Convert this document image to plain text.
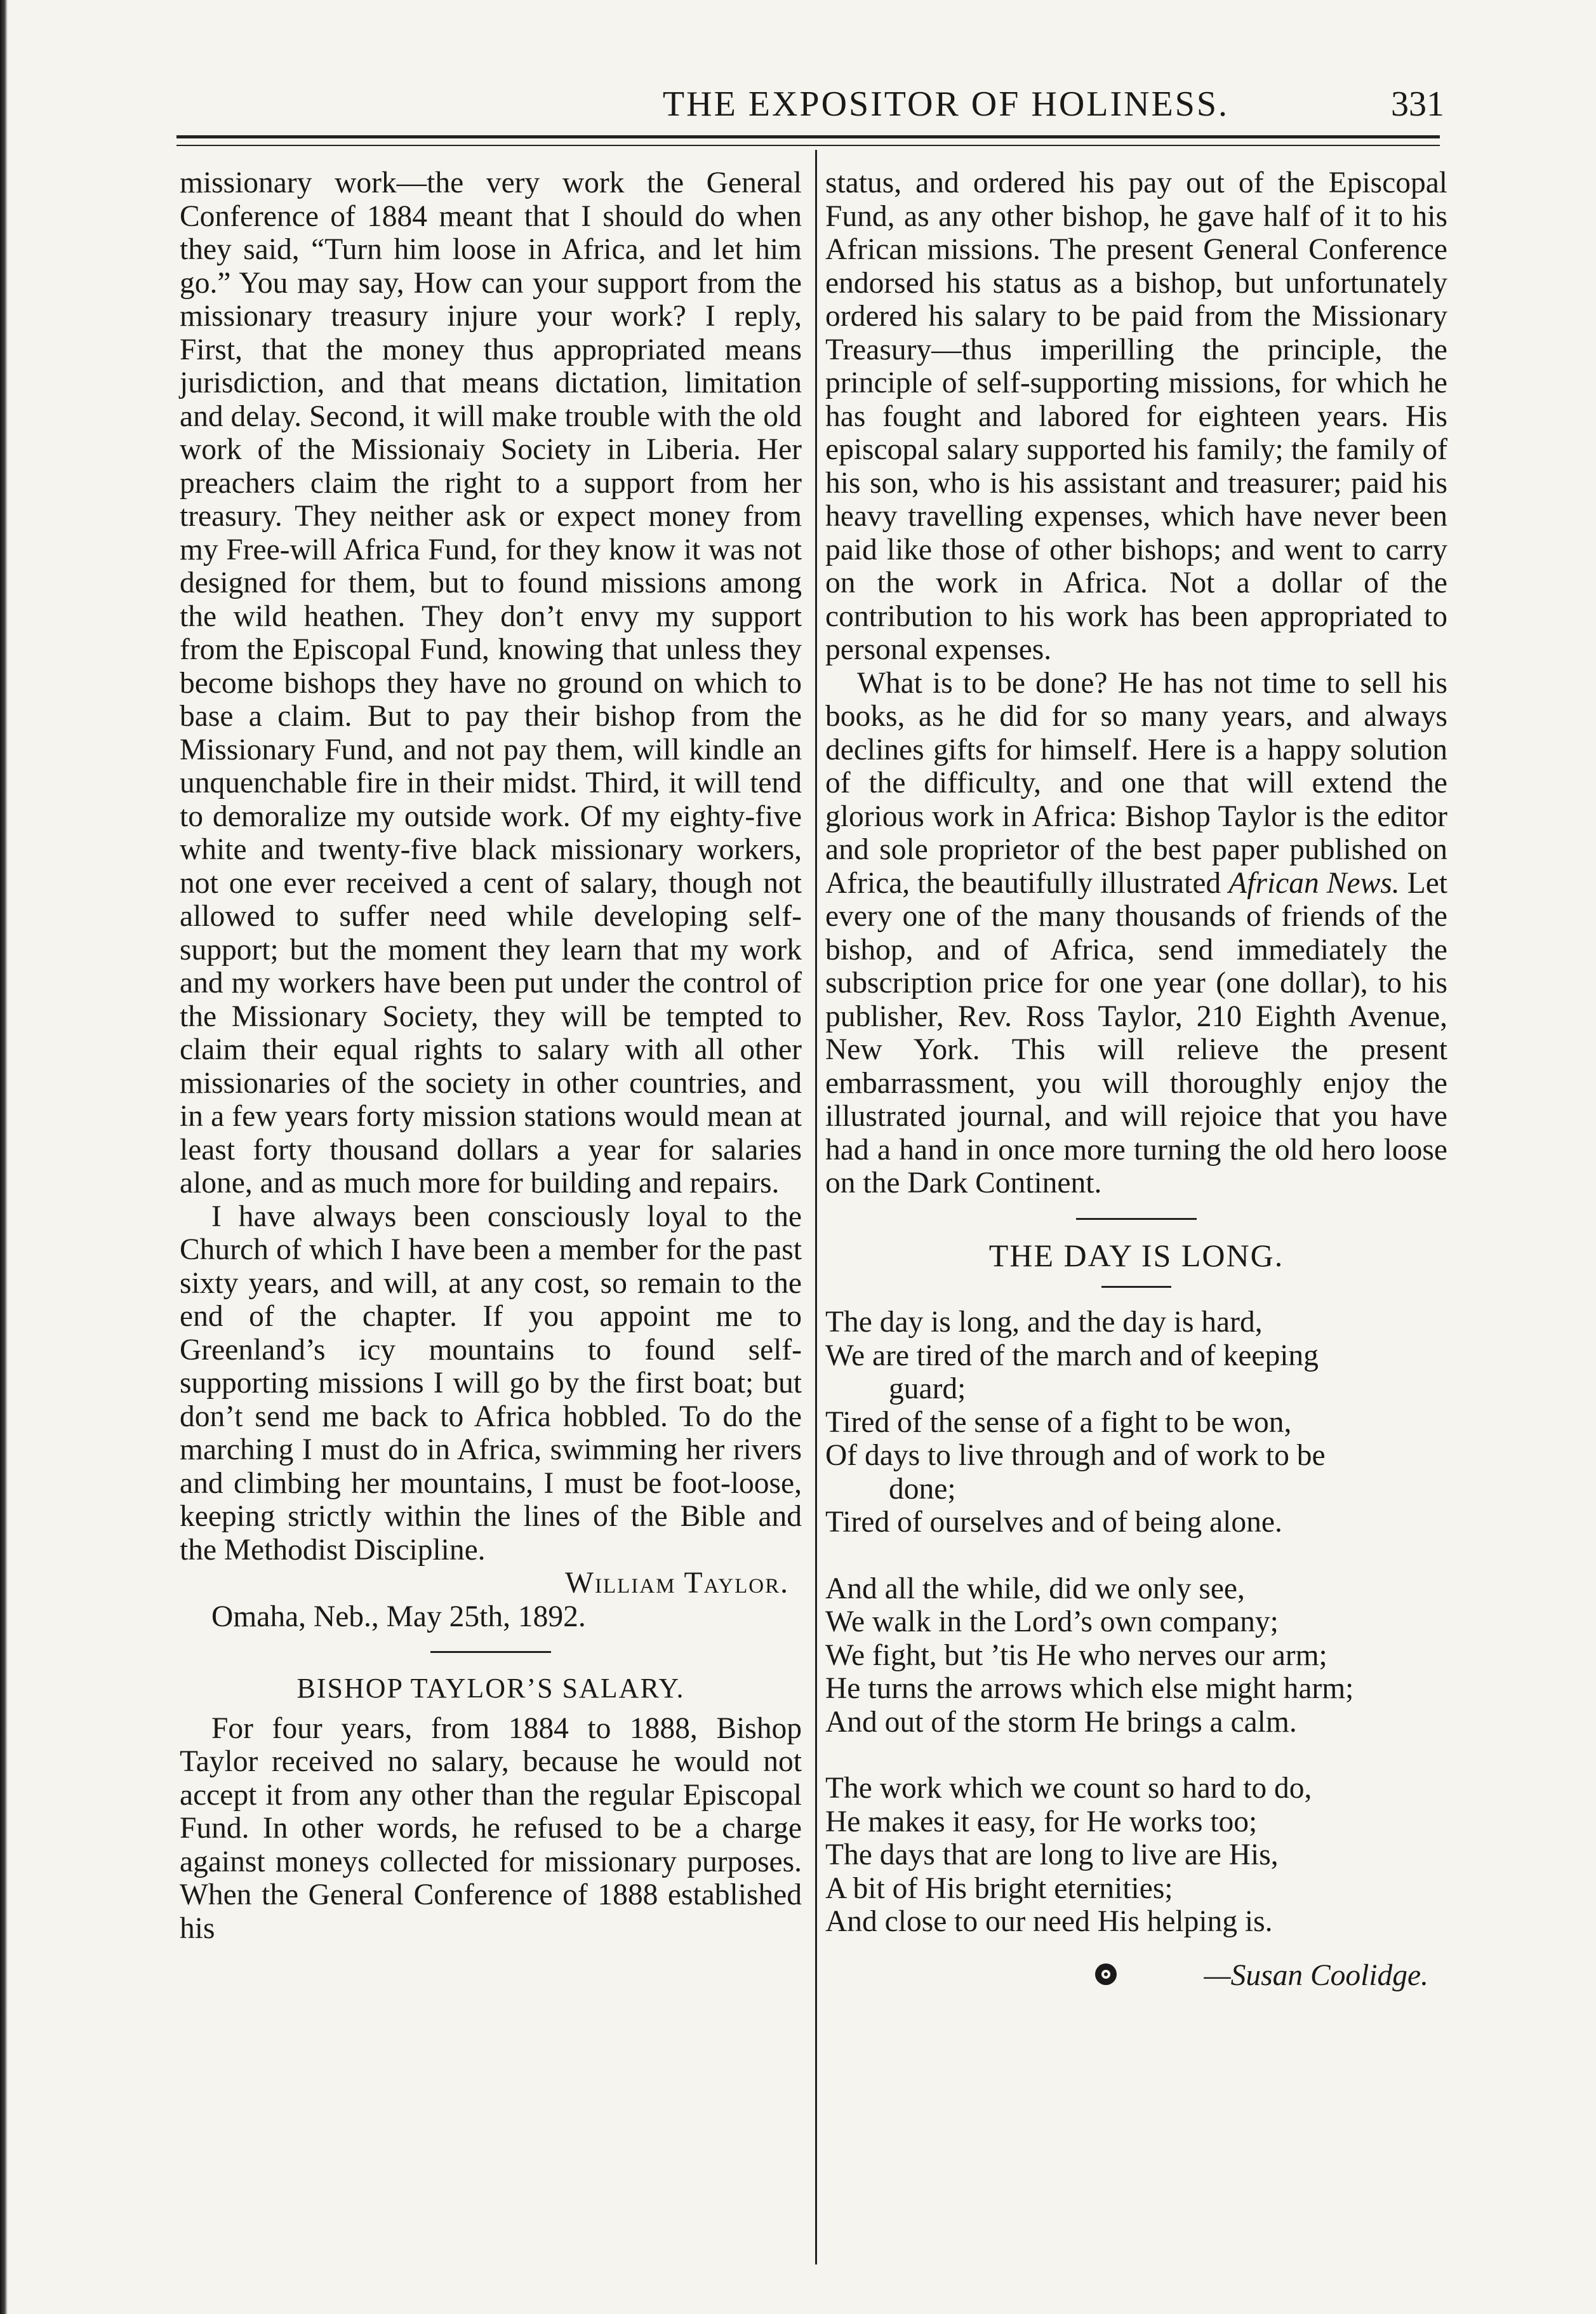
THE EXPOSITOR OF HOLINESS.	331

missionary work—the very work the General Conference of 1884 meant that I should do when they said, “Turn him loose in Africa, and let him go.” You may say, How can your support from the missionary treasury injure your work? I reply, First, that the money thus appropriated means jurisdiction, and that means dictation, limitation and delay. Second, it will make trouble with the old work of the Missionaiy Society in Liberia. Her preachers claim the right to a support from her treasury. They neither ask or expect money from my Free-will Africa Fund, for they know it was not designed for them, but to found missions among the wild heathen. They don’t envy my support from the Episcopal Fund, knowing that unless they become bishops they have no ground on which to base a claim. But to pay their bishop from the Missionary Fund, and not pay them, will kindle an unquenchable fire in their midst. Third, it will tend to demoralize my outside work. Of my eighty-five white and twenty-five black missionary workers, not one ever received a cent of salary, though not allowed to suffer need while developing self-support; but the moment they learn that my work and my workers have been put under the control of the Missionary Society, they will be tempted to claim their equal rights to salary with all other missionaries of the society in other countries, and in a few years forty mission stations would mean at least forty thousand dollars a year for salaries alone, and as much more for building and repairs.

I have always been consciously loyal to the Church of which I have been a member for the past sixty years, and will, at any cost, so remain to the end of the chapter. If you appoint me to Greenland’s icy mountains to found self-supporting missions I will go by the first boat; but don’t send me back to Africa hobbled. To do the marching I must do in Africa, swimming her rivers and climbing her mountains, I must be foot-loose, keeping strictly within the lines of the Bible and the Methodist Discipline.

William Taylor.
Omaha, Neb., May 25th, 1892.
BISHOP TAYLOR’S SALARY.

For four years, from 1884 to 1888, Bishop Taylor received no salary, because he would not accept it from any other than the regular Episcopal Fund. In other words, he refused to be a charge against moneys collected for missionary purposes. When the General Conference of 1888 established his

status, and ordered his pay out of the Episcopal Fund, as any other bishop, he gave half of it to his African missions. The present General Conference endorsed his status as a bishop, but unfortunately ordered his salary to be paid from the Missionary Treasury—thus imperilling the principle, the principle of self-supporting missions, for which he has fought and labored for eighteen years. His episcopal salary supported his family; the family of his son, who is his assistant and treasurer; paid his heavy travelling expenses, which have never been paid like those of other bishops; and went to carry on the work in Africa. Not a dollar of the contribution to his work has been appropriated to personal expenses.

What is to be done? He has not time to sell his books, as he did for so many years, and always declines gifts for himself. Here is a happy solution of the difficulty, and one that will extend the glorious work in Africa: Bishop Taylor is the editor and sole proprietor of the best paper published on Africa, the beautifully illustrated African News. Let every one of the many thousands of friends of the bishop, and of Africa, send immediately the subscription price for one year (one dollar), to his publisher, Rev. Ross Taylor, 210 Eighth Avenue, New York. This will relieve the present embarrassment, you will thoroughly enjoy the illustrated journal, and will rejoice that you have had a hand in once more turning the old hero loose on the Dark Continent.

THE DAY IS LONG.
The day is long, and the day is hard,
We are tired of the march and of keeping
guard;
Tired of the sense of a fight to be won,
Of days to live through and of work to be
done;
Tired of ourselves and of being alone.
And all the while, did we only see,
We walk in the Lord’s own company;
We fight, but ’tis He who nerves our arm;
He turns the arrows which else might harm;
And out of the storm He brings a calm.
The work which we count so hard to do,
He makes it easy, for He works too;
The days that are long to live are His,
A bit of His bright eternities;
And close to our need His helping is.
—Susan Coolidge.
